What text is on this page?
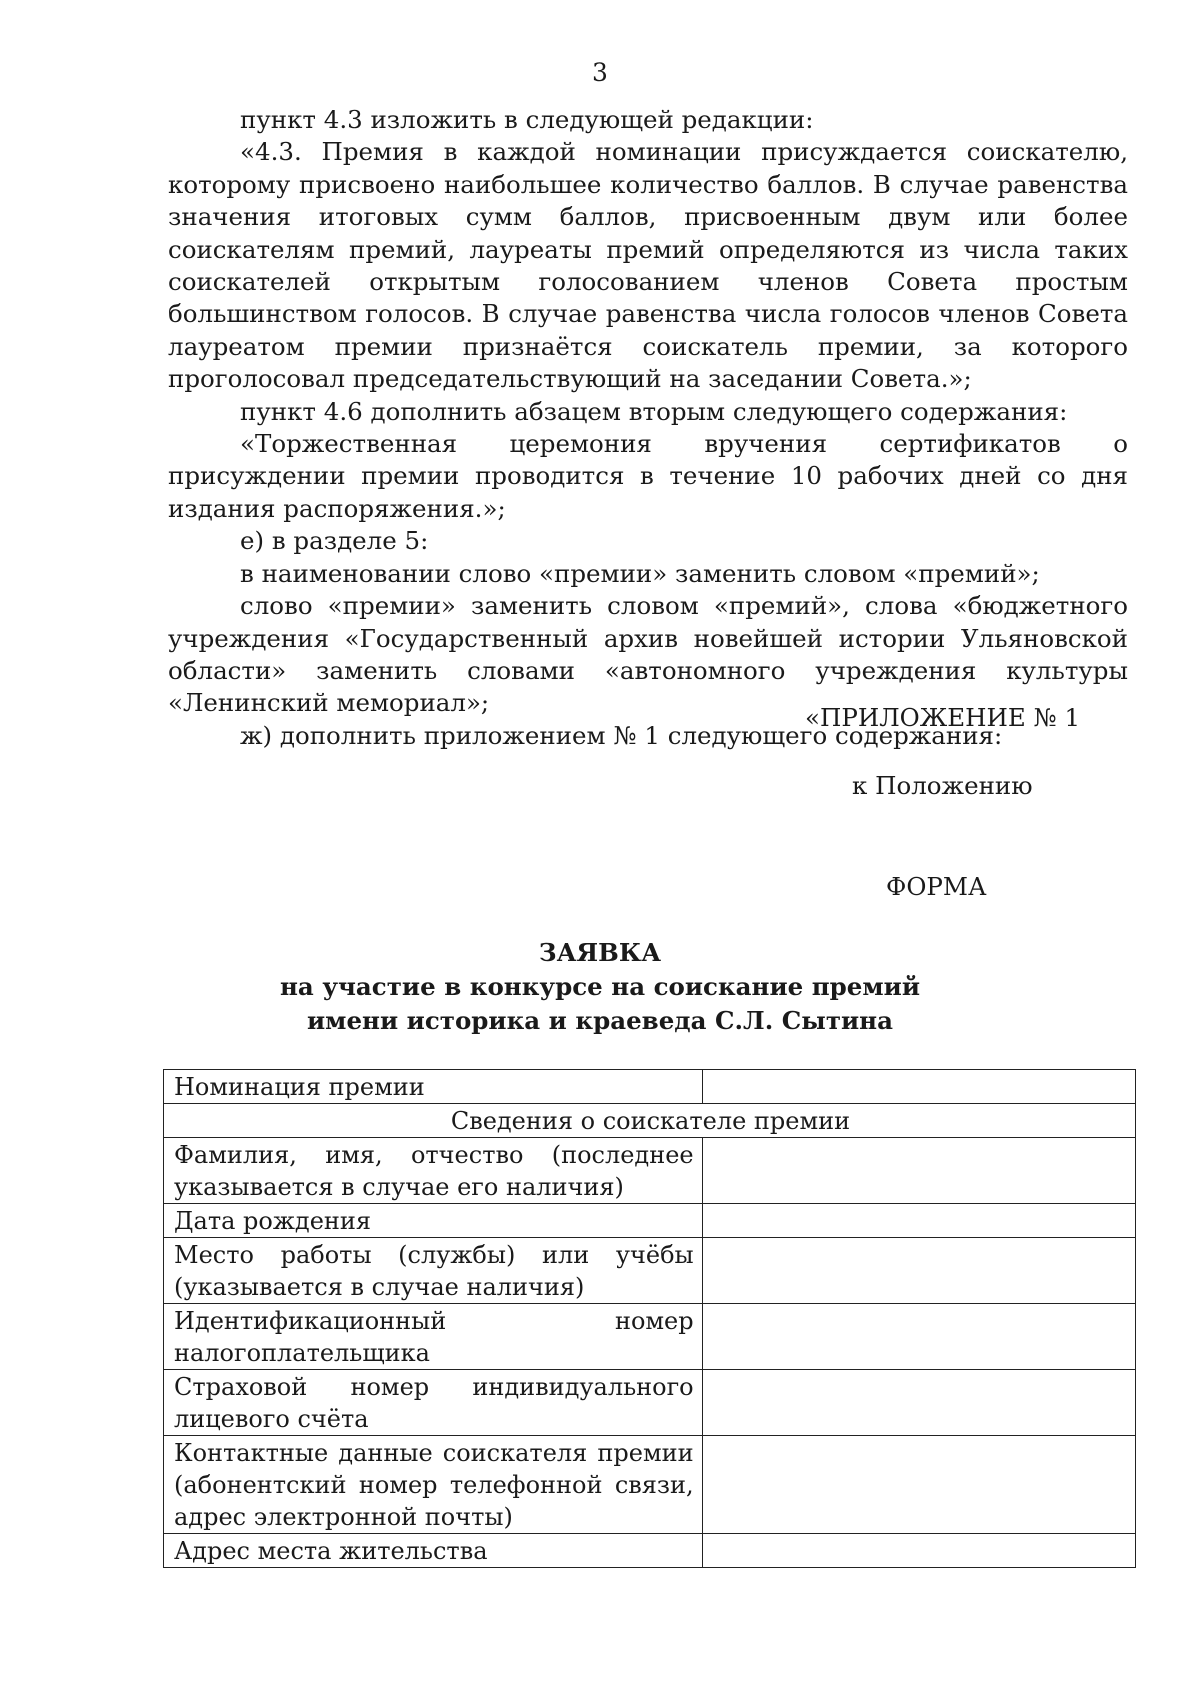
3

пункт 4.3 изложить в следующей редакции:

«4.3. Премия в каждой номинации присуждается соискателю, которому присвоено наибольшее количество баллов. В случае равенства значения итоговых сумм баллов, присвоенным двум или более соискателям премий, лауреаты премий определяются из числа таких соискателей открытым голосованием членов Совета простым большинством голосов. В случае равенства числа голосов членов Совета лауреатом премии признаётся соискатель премии, за которого проголосовал председательствующий на заседании Совета.»;

пункт 4.6 дополнить абзацем вторым следующего содержания:

«Торжественная церемония вручения сертификатов о присуждении премии проводится в течение 10 рабочих дней со дня издания распоряжения.»;

е) в разделе 5:

в наименовании слово «премии» заменить словом «премий»;

слово «премии» заменить словом «премий», слова «бюджетного учреждения «Государственный архив новейшей истории Ульяновской области» заменить словами «автономного учреждения культуры «Ленинский мемориал»;

ж) дополнить приложением № 1 следующего содержания:

«ПРИЛОЖЕНИЕ № 1
к Положению
ФОРМА
ЗАЯВКА
на участие в конкурсе на соискание премий
имени историка и краеведа С.Л. Сытина
Номинация премии	
Сведения о соискателе премии	
Фамилия, имя, отчество (последнее указывается в случае его наличия)	
Дата рождения	
Место работы (службы) или учёбы (указывается в случае наличия)	
Идентификационный номер налогоплательщика	
Страховой номер индивидуального лицевого счёта	
Контактные данные соискателя премии (абонентский номер телефонной связи, адрес электронной почты)	
Адрес места жительства	
